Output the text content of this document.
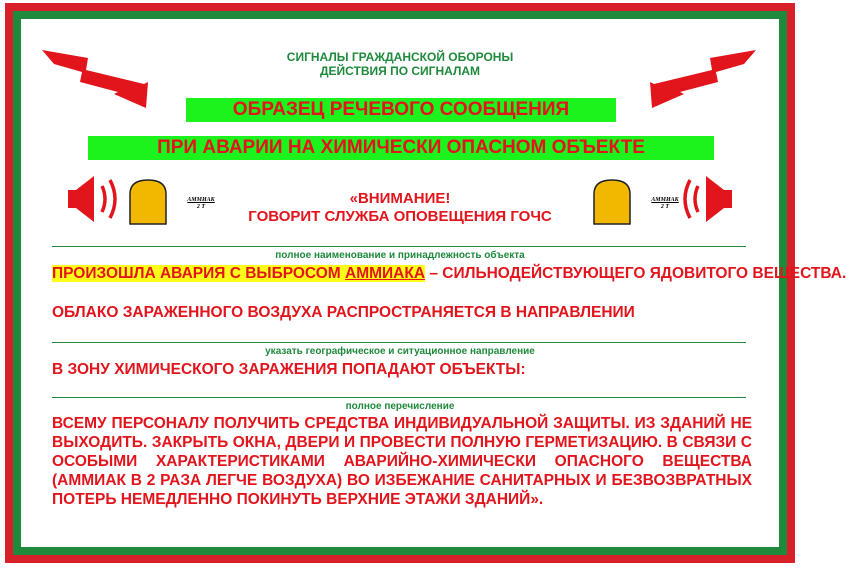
СИГНАЛЫ ГРАЖДАНСКОЙ ОБОРОНЫ
ДЕЙСТВИЯ ПО СИГНАЛАМ
ОБРАЗЕЦ РЕЧЕВОГО СООБЩЕНИЯ
ПРИ АВАРИИ НА ХИМИЧЕСКИ ОПАСНОМ ОБЪЕКТЕ
АММИАК
2 Т
АММИАК
2 Т
«ВНИМАНИЕ!
ГОВОРИТ СЛУЖБА ОПОВЕЩЕНИЯ ГОЧС
полное наименование и принадлежность объекта
ПРОИЗОШЛА АВАРИЯ С ВЫБРОСОМ АММИАКА – СИЛЬНОДЕЙСТВУЮЩЕГО ЯДОВИТОГО ВЕЩЕСТВА.
ОБЛАКО ЗАРАЖЕННОГО ВОЗДУХА РАСПРОСТРАНЯЕТСЯ В НАПРАВЛЕНИИ
указать географическое и ситуационное направление
В ЗОНУ ХИМИЧЕСКОГО ЗАРАЖЕНИЯ ПОПАДАЮТ ОБЪЕКТЫ:
полное перечисление
ВСЕМУ ПЕРСОНАЛУ ПОЛУЧИТЬ СРЕДСТВА ИНДИВИДУАЛЬНОЙ ЗАЩИТЫ. ИЗ ЗДАНИЙ НЕ ВЫХОДИТЬ. ЗАКРЫТЬ ОКНА, ДВЕРИ И ПРОВЕСТИ ПОЛНУЮ ГЕРМЕТИЗАЦИЮ. В СВЯЗИ С ОСОБЫМИ ХАРАКТЕРИСТИКАМИ АВАРИЙНО-ХИМИЧЕСКИ ОПАСНОГО ВЕЩЕСТВА (АММИАК В 2 РАЗА ЛЕГЧЕ ВОЗДУХА) ВО ИЗБЕЖАНИЕ САНИТАРНЫХ И БЕЗВОЗВРАТНЫХ ПОТЕРЬ НЕМЕДЛЕННО ПОКИНУТЬ ВЕРХНИЕ ЭТАЖИ ЗДАНИЙ».
